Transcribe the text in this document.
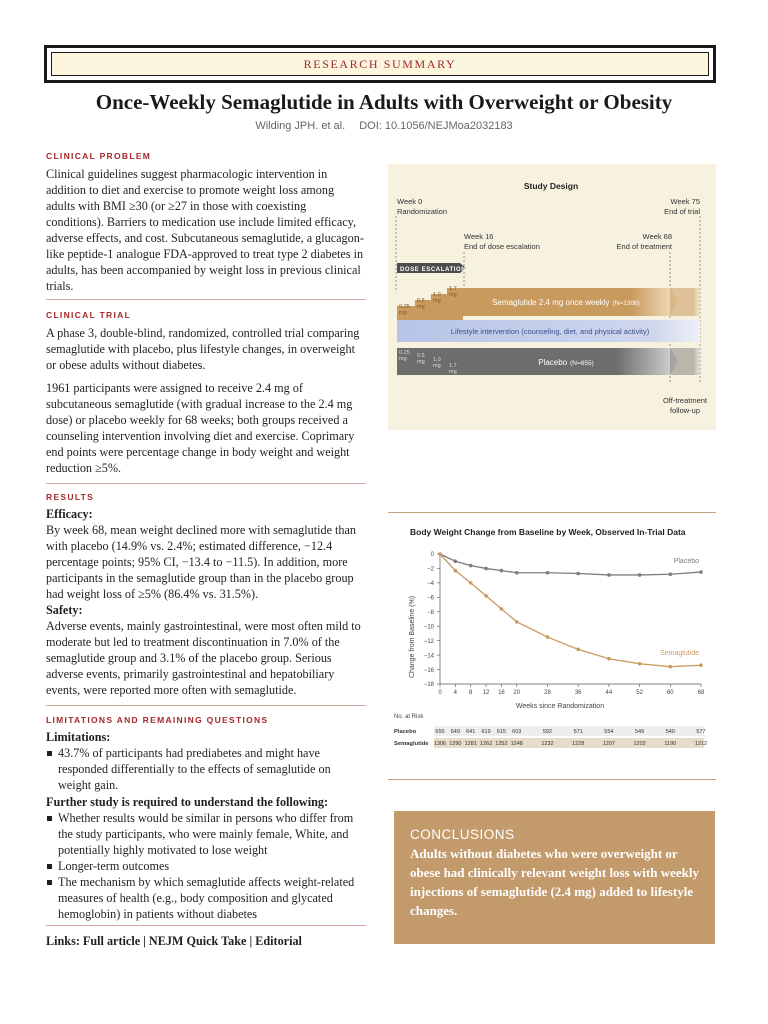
RESEARCH SUMMARY
Once-Weekly Semaglutide in Adults with Overweight or Obesity
Wilding JPH. et al. DOI: 10.1056/NEJMoa2032183
CLINICAL PROBLEM

Clinical guidelines suggest pharmacologic intervention in addition to diet and exercise to promote weight loss among adults with BMI ≥30 (or ≥27 in those with coexisting conditions). Barriers to medication use include limited efficacy, adverse effects, and cost. Subcutaneous semaglutide, a glucagon-like peptide-1 analogue FDA-approved to treat type 2 diabetes in adults, has been accompanied by weight loss in previous clinical trials.

CLINICAL TRIAL

A phase 3, double-blind, randomized, controlled trial comparing semaglutide with placebo, plus lifestyle changes, in overweight or obese adults without diabetes.

1961 participants were assigned to receive 2.4 mg of subcutaneous semaglutide (with gradual increase to the 2.4 mg dose) or placebo weekly for 68 weeks; both groups received a counseling intervention involving diet and exercise. Coprimary end points were percentage change in body weight and weight reduction ≥5%.

RESULTS

Efficacy:

By week 68, mean weight declined more with semaglutide than with placebo (14.9% vs. 2.4%; estimated difference, −12.4 percentage points; 95% CI, −13.4 to −11.5). In addition, more participants in the semaglutide group than in the placebo group had weight loss of ≥5% (86.4% vs. 31.5%).

Safety:

Adverse events, mainly gastrointestinal, were most often mild to moderate but led to treatment discontinuation in 7.0% of the semaglutide group and 3.1% of the placebo group. Serious adverse events, primarily gastrointestinal and hepatobiliary events, were reported more often with semaglutide.

LIMITATIONS AND REMAINING QUESTIONS

Limitations:

43.7% of participants had prediabetes and might have responded differentially to the effects of semaglutide on weight gain.

Further study is required to understand the following:

Whether results would be similar in persons who differ from the study participants, who were mainly female, White, and potentially highly motivated to lose weight
Longer-term outcomes
The mechanism by which semaglutide affects weight-related measures of health (e.g., body composition and glycated hemoglobin) in patients without diabetes
Links: Full article | NEJM Quick Take | Editorial
Study Design
Week 0
Randomization
Week 75
End of trial
Week 16
End of dose escalation
Week 68
End of treatment
DOSE ESCALATION
0.25
mg
0.5
mg
1.0
mg
1.7
mg
Semaglutide 2.4 mg once weekly (N=1306)
Lifestyle intervention (counseling, diet, and physical activity)
0.25
mg 0.5
mg 1.0
mg 1.7
mg
Placebo (N=655)
Off-treatment
follow-up
Body Weight Change from Baseline by Week, Observed In-Trial Data
0
−2
−4
−6
−8
−10
−12
−14
−16
−18
0 4 8 12 16 20	28	36	44	52	60	68
Placebo
Semaglutide
Change from Baseline (%)
Weeks since Randomization
No. at Risk
Placebo	655 649 641 619 615 603	592	571	554	549	540	577
Semaglutide 1306 1290 1281 1262 1252 1248	1232	1228	1207	1203	1190	1212
CONCLUSIONS
Adults without diabetes who were overweight or obese had clinically relevant weight loss with weekly injections of semaglutide (2.4 mg) added to lifestyle changes.
